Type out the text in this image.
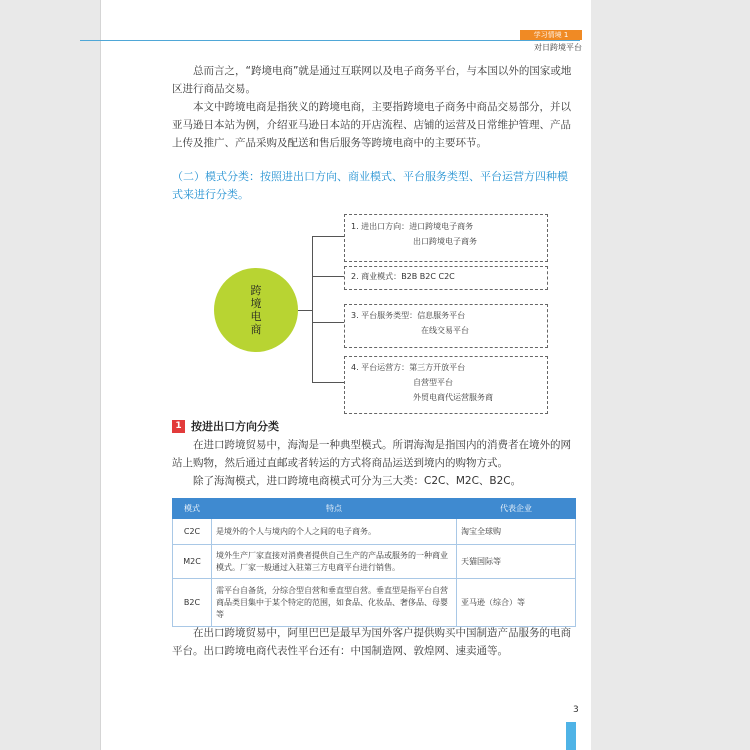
学习情境 1
对日跨境平台

总而言之，“跨境电商”就是通过互联网以及电子商务平台，与本国以外的国家或地区进行商品交易。

本文中跨境电商是指狭义的跨境电商，主要指跨境电子商务中商品交易部分，并以亚马逊日本站为例，介绍亚马逊日本站的开店流程、店铺的运营及日常维护管理、产品上传及推广、产品采购及配送和售后服务等跨境电商中的主要环节。

（二）模式分类：按照进出口方向、商业模式、平台服务类型、平台运营方四种模式来进行分类。
跨
境
电
商
1. 进出口方向： 进口跨境电子商务
出口跨境电子商务
2. 商业模式： B2B B2C C2C
3. 平台服务类型： 信息服务平台
在线交易平台
4. 平台运营方： 第三方开放平台
自营型平台
外贸电商代运营服务商
1 按进出口方向分类

在进口跨境贸易中，海淘是一种典型模式。所谓海淘是指国内的消费者在境外的网站上购物，然后通过直邮或者转运的方式将商品运送到境内的购物方式。

除了海淘模式，进口跨境电商模式可分为三大类：C2C、M2C、B2C。

模式	特点	代表企业
C2C	是境外的个人与境内的个人之间的电子商务。	淘宝全球购
M2C	境外生产厂家直接对消费者提供自己生产的产品或服务的一种商业模式。厂家一般通过入驻第三方电商平台进行销售。	天猫国际等
B2C	需平台自备货，分综合型自营和垂直型自营。垂直型是指平台自营商品类目集中于某个特定的范围，如食品、化妆品、奢侈品、母婴等	亚马逊（综合）等

在出口跨境贸易中，阿里巴巴是最早为国外客户提供购买中国制造产品服务的电商平台。出口跨境电商代表性平台还有：中国制造网、敦煌网、速卖通等。

3
